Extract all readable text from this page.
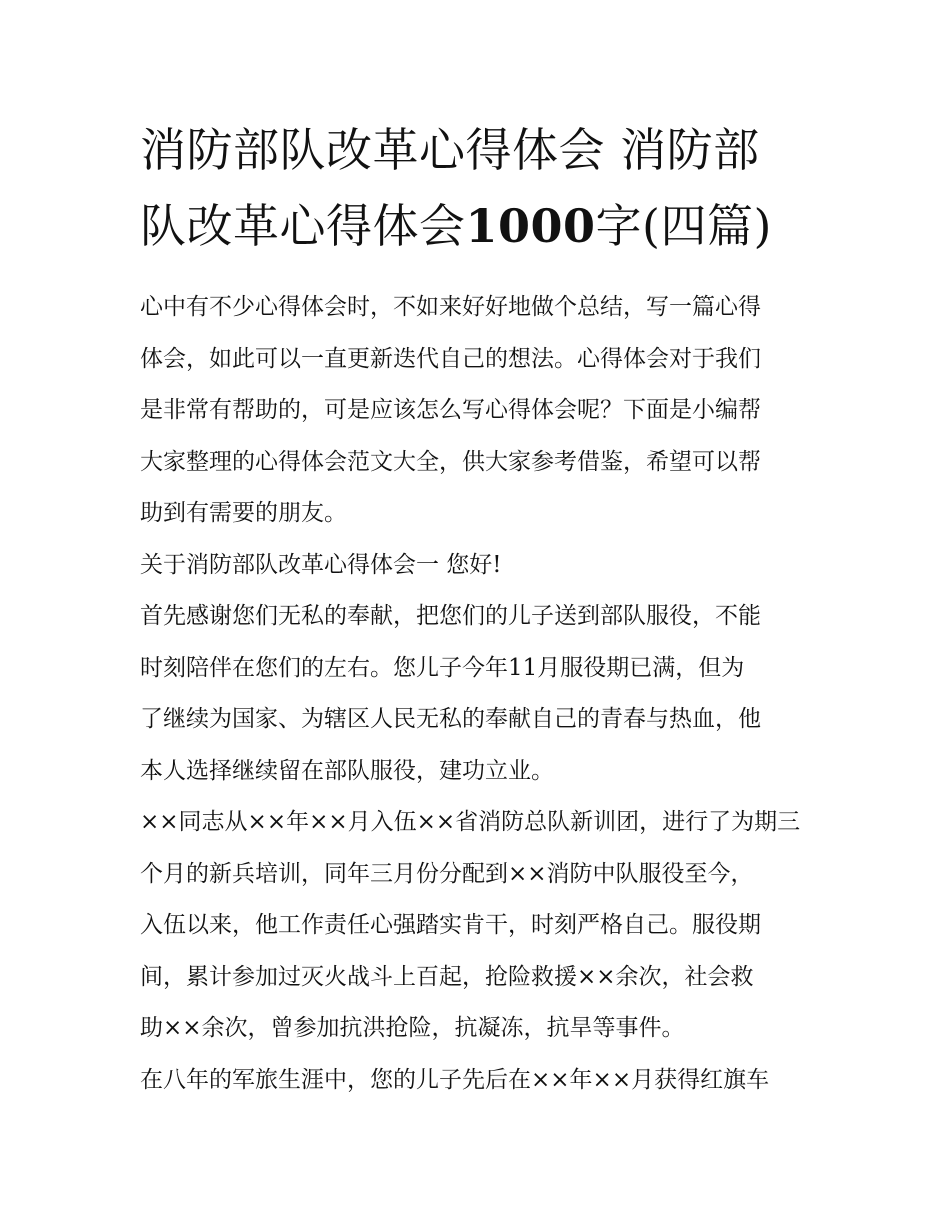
消防部队改革心得体会 消防部
队改革心得体会1000字(四篇)
心中有不少心得体会时，不如来好好地做个总结，写一篇心得
体会，如此可以一直更新迭代自己的想法。心得体会对于我们
是非常有帮助的，可是应该怎么写心得体会呢？下面是小编帮
大家整理的心得体会范文大全，供大家参考借鉴，希望可以帮
助到有需要的朋友。
关于消防部队改革心得体会一 您好!
首先感谢您们无私的奉献，把您们的儿子送到部队服役，不能
时刻陪伴在您们的左右。您儿子今年11月服役期已满，但为
了继续为国家、为辖区人民无私的奉献自己的青春与热血，他
本人选择继续留在部队服役，建功立业。
××同志从××年××月入伍××省消防总队新训团，进行了为期三
个月的新兵培训，同年三月份分配到××消防中队服役至今，
入伍以来，他工作责任心强踏实肯干，时刻严格自己。服役期
间，累计参加过灭火战斗上百起，抢险救援××余次，社会救
助××余次，曾参加抗洪抢险，抗凝冻，抗旱等事件。
在八年的军旅生涯中，您的儿子先后在××年××月获得红旗车
